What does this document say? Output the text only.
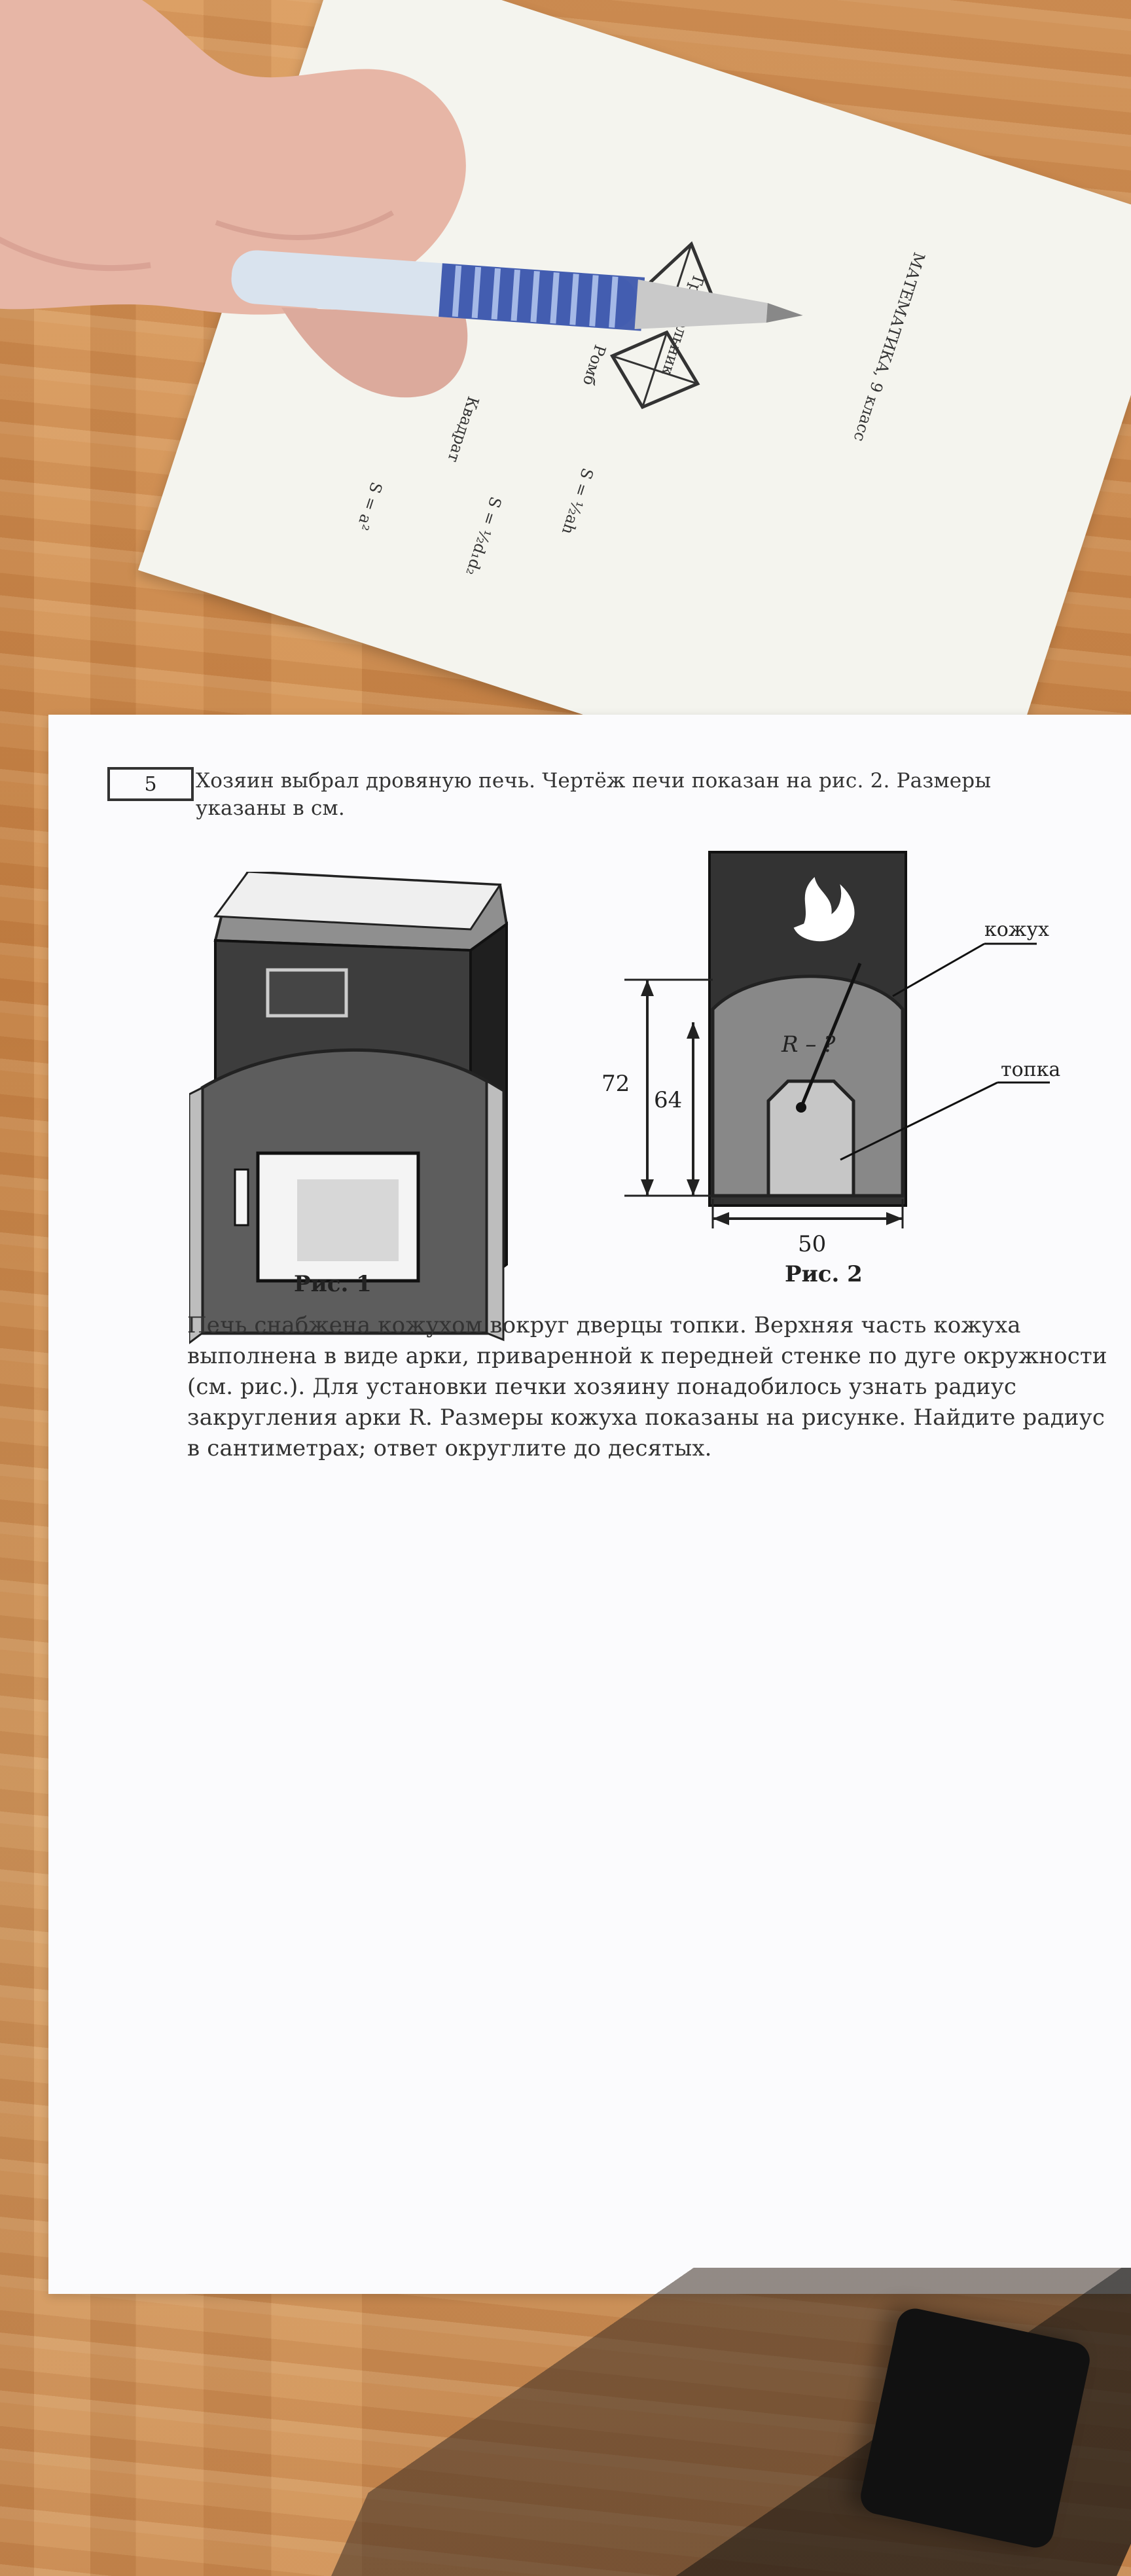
МАТЕМАТИКА, 9 класс
Ромб
Квадрат
S = ½ah
S = ½d₁d₂
S = a²
5 Хозяин выбрал дровяную печь. Чертёж печи показан на рис. 2. Размеры
указаны в см.
кожух
топка
R – ?
72
64
50
Рис. 1	Рис. 2
Печь снабжена кожухом вокруг дверцы топки. Верхняя часть кожуха
выполнена в виде арки, приваренной к передней стенке по дуге окружности
(см. рис.). Для установки печки хозяину понадобилось узнать радиус
закругления арки R. Размеры кожуха показаны на рисунке. Найдите радиус
в сантиметрах; ответ округлите до десятых.
